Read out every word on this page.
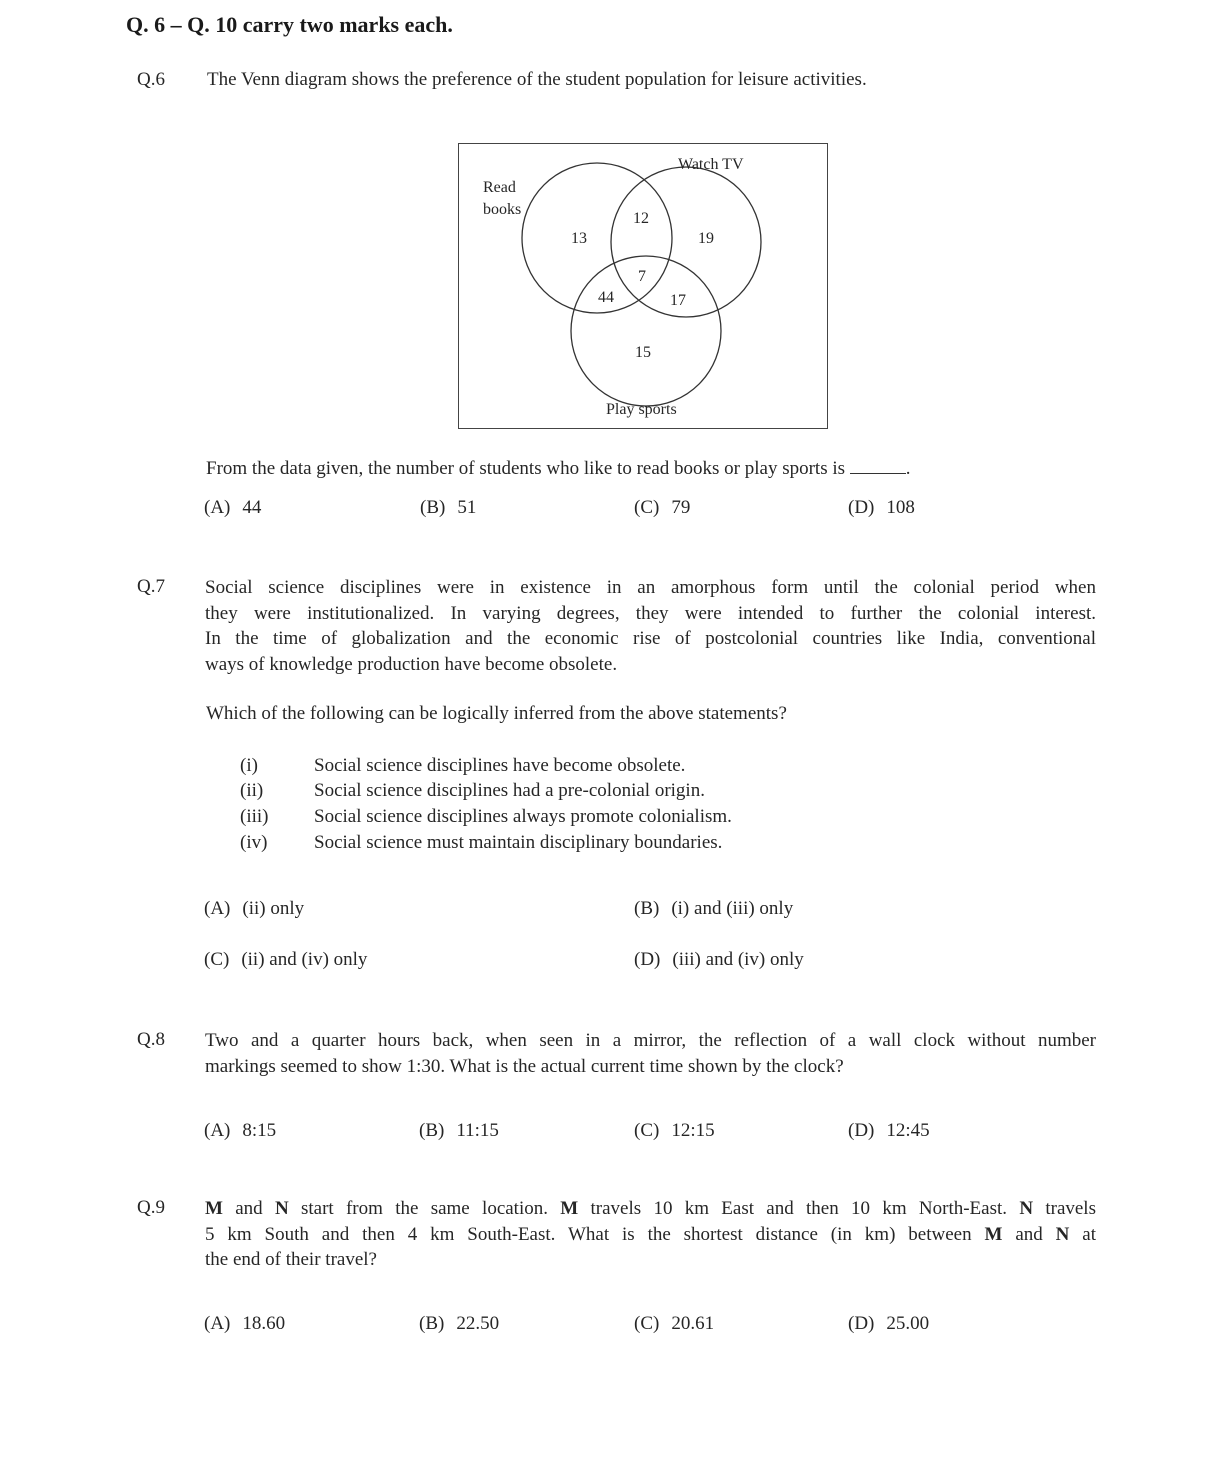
Q. 6 – Q. 10 carry two marks each.
Q.6 The Venn diagram shows the preference of the student population for leisure activities.
Read
books
Watch TV
Play sports
13
12
19
7
44	17
15
From the data given, the number of students who like to read books or play sports is	.
(A) 44	(B) 51	(C) 79	(D) 108
Q.7 Social science disciplines were in existence in an amorphous form until the colonial period when
they were institutionalized. In varying degrees, they were intended to further the colonial interest.
In the time of globalization and the economic rise of postcolonial countries like India, conventional
ways of knowledge production have become obsolete.
Which of the following can be logically inferred from the above statements?
(i)	Social science disciplines have become obsolete.
(ii)	Social science disciplines had a pre-colonial origin.
(iii) Social science disciplines always promote colonialism.
(iv) Social science must maintain disciplinary boundaries.
(A) (ii) only	(B) (i) and (iii) only
(C) (ii) and (iv) only	(D) (iii) and (iv) only
Q.8 Two and a quarter hours back, when seen in a mirror, the reflection of a wall clock without number
markings seemed to show 1:30. What is the actual current time shown by the clock?
(A) 8:15	(B) 11:15	(C) 12:15	(D) 12:45
Q.9 M and N start from the same location. M travels 10 km East and then 10 km North-East. N travels
5 km South and then 4 km South-East. What is the shortest distance (in km) between M and N at
the end of their travel?
(A) 18.60	(B) 22.50	(C) 20.61	(D) 25.00
